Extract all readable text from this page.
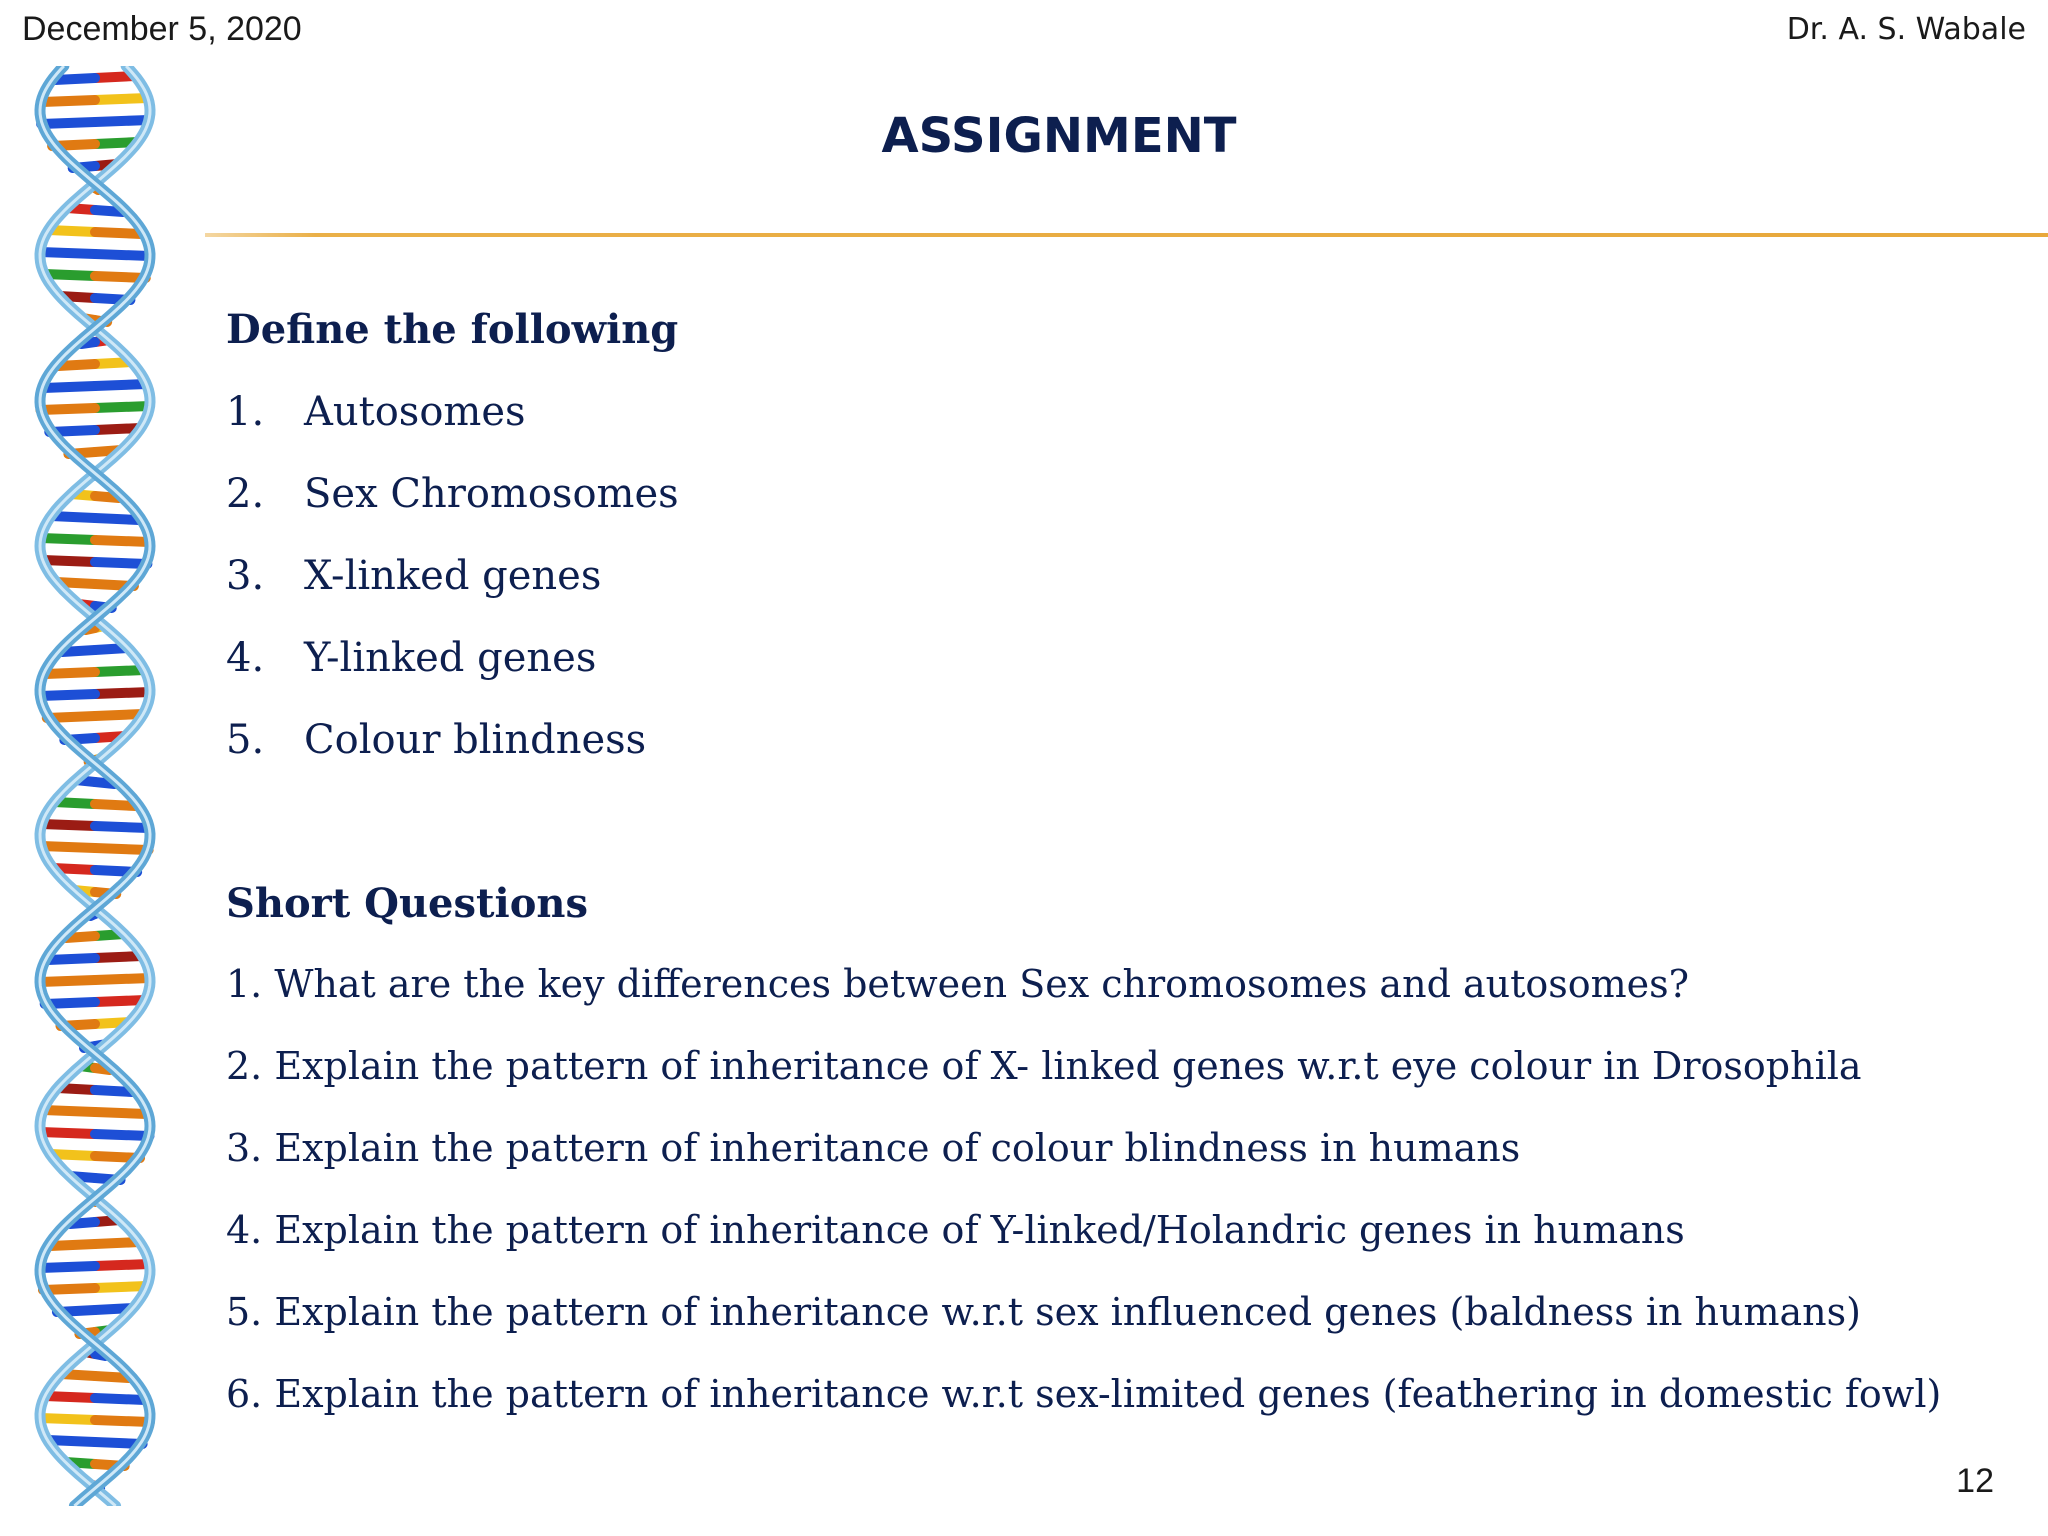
December 5, 2020	Dr. A. S. Wabale
ASSIGNMENT
Define the following
1. Autosomes
2. Sex Chromosomes
3. X-linked genes
4. Y-linked genes
5. Colour blindness
Short Questions
1. What are the key differences between Sex chromosomes and autosomes?
2. Explain the pattern of inheritance of X- linked genes w.r.t eye colour in Drosophila
3. Explain the pattern of inheritance of colour blindness in humans
4. Explain the pattern of inheritance of Y-linked/Holandric genes in humans
5. Explain the pattern of inheritance w.r.t sex influenced genes (baldness in humans)
6. Explain the pattern of inheritance w.r.t sex-limited genes (feathering in domestic fowl)
12
